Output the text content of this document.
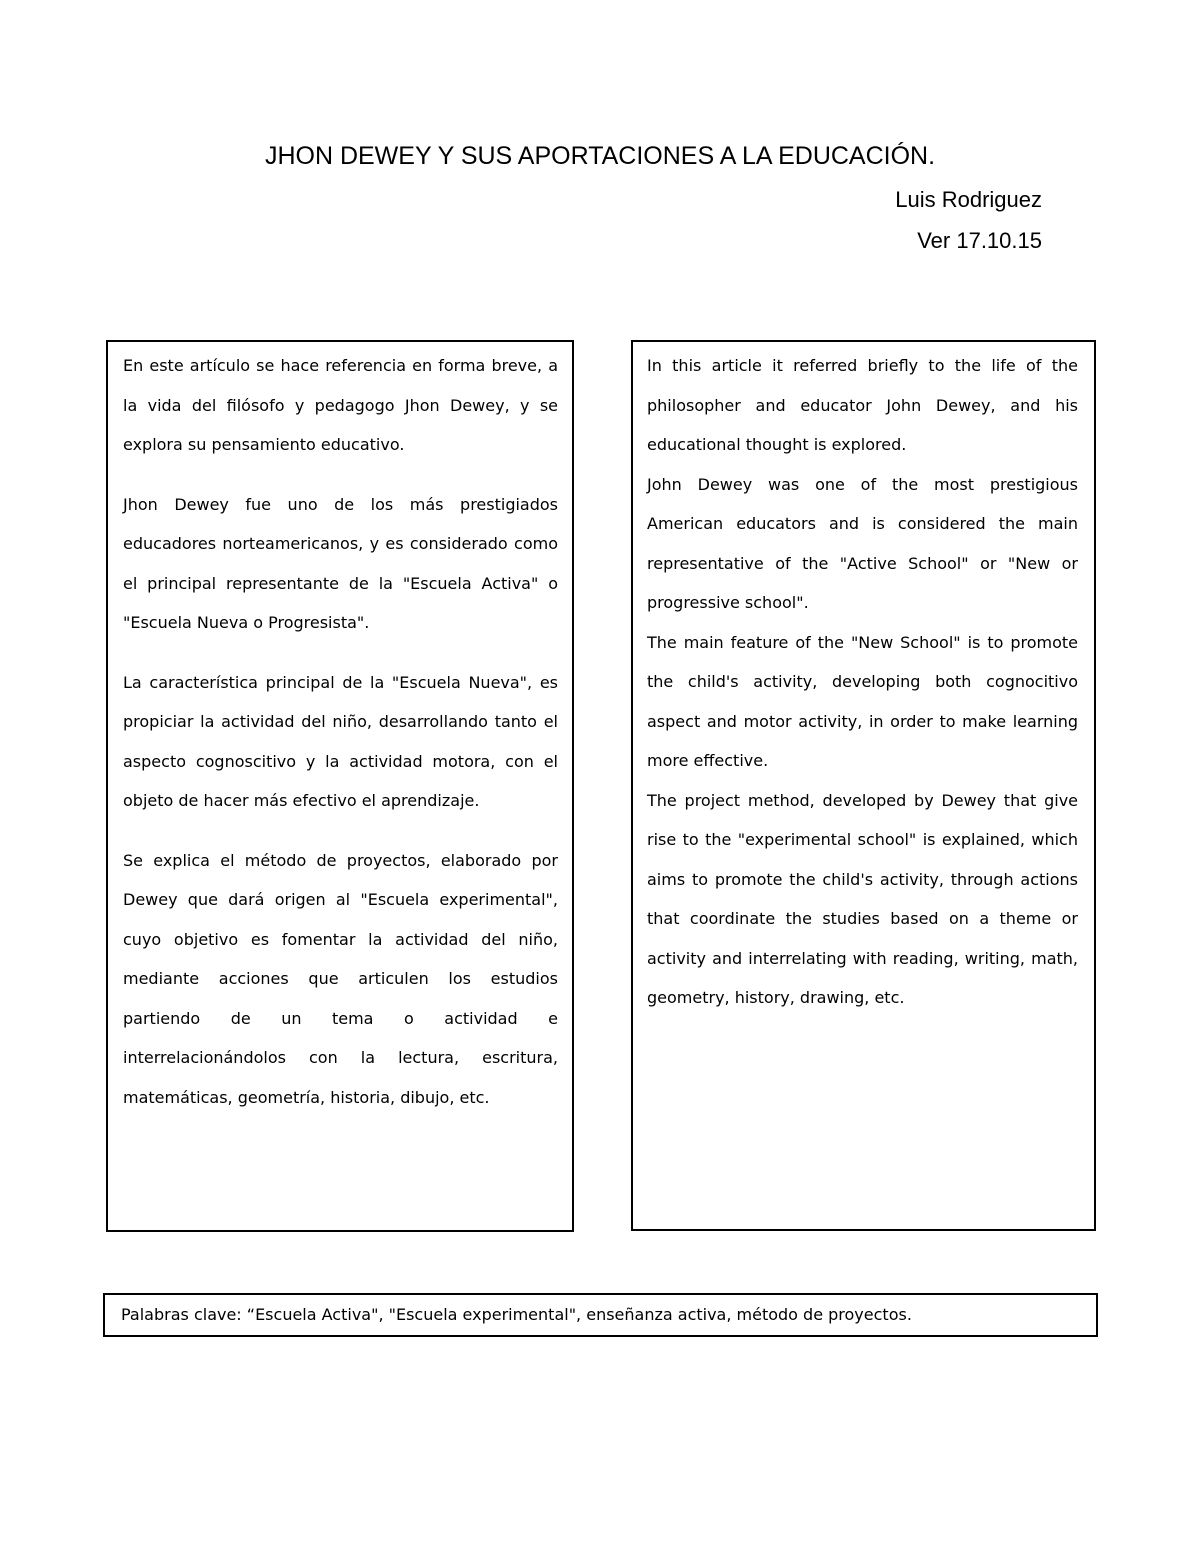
JHON DEWEY Y SUS APORTACIONES A LA EDUCACIÓN.

Luis Rodriguez

Ver 17.10.15

En este artículo se hace referencia en forma breve, a la vida del filósofo y pedagogo Jhon Dewey, y se explora su pensamiento educativo.

Jhon Dewey fue uno de los más prestigiados educadores norteamericanos, y es considerado como el principal representante de la "Escuela Activa" o "Escuela Nueva o Progresista".

La característica principal de la "Escuela Nueva", es propiciar la actividad del niño, desarrollando tanto el aspecto cognoscitivo y la actividad motora, con el objeto de hacer más efectivo el aprendizaje.

Se explica el método de proyectos, elaborado por Dewey que dará origen al "Escuela experimental", cuyo objetivo es fomentar la actividad del niño, mediante acciones que articulen los estudios partiendo de un tema o actividad e interrelacionándolos con la lectura, escritura, matemáticas, geometría, historia, dibujo, etc.

In this article it referred briefly to the life of the philosopher and educator John Dewey, and his educational thought is explored.

John Dewey was one of the most prestigious American educators and is considered the main representative of the "Active School" or "New or progressive school".

The main feature of the "New School" is to promote the child's activity, developing both cognocitivo aspect and motor activity, in order to make learning more effective.

The project method, developed by Dewey that give rise to the "experimental school" is explained, which aims to promote the child's activity, through actions that coordinate the studies based on a theme or activity and interrelating with reading, writing, math, geometry, history, drawing, etc.

Palabras clave: “Escuela Activa", "Escuela experimental", enseñanza activa, método de proyectos.
